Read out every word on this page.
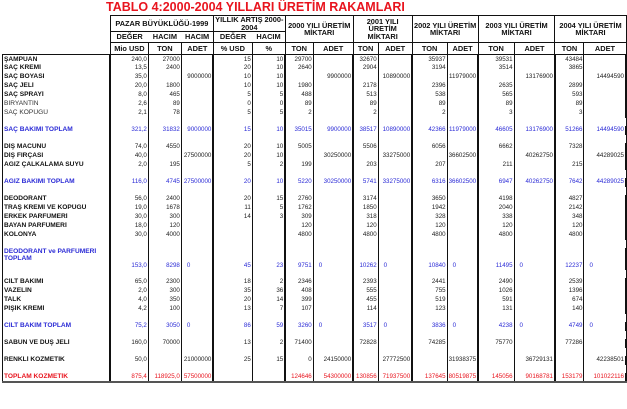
TABLO 4:2000-2004 YILLARI ÜRETİM RAKAMLARI
	PAZAR BÜYÜKLÜĞÜ-1999			YILLIK ARTIŞ 2000-2004		2000 YILI ÜRETİM MİKTARI		2001 YILI ÜRETİM MİKTARI		2002 YILI ÜRETİM MİKTARI		2003 YILI ÜRETİM MİKTARI		2004 YILI ÜRETİM MİKTARI	
	DEĞER	HACIM	HACIM	DEĞER	HACIM										
	Mio USD	TON	ADET	% USD	%	TON	ADET	TON	ADET	TON	ADET	TON	ADET	TON	ADET
ŞAMPUAN	240,0	27000		15	10	29700		32670		35937		39531		43484	
SAÇ KREMİ	13,5	2400		20	10	2640		2904		3194		3514		3865	
SAÇ BOYASI	35,0		9000000	10	10		9900000		10890000		11979000		13176900		14494590
SAÇ JELİ	20,0	1800		10	10	1980		2178		2396		2635		2899	
SAÇ SPRAYİ	8,0	465		5	5	488		513		538		565		593	
BİRYANTİN	2,6	89		0	0	89		89		89		89		89	
SAÇ KÖPÜĞÜ	2,1	78		5	5	2		2		2		3		3	

SAÇ BAKIMI TOPLAM	321,2	31832	9000000	15	10	35015	9900000	38517	10890000	42366	11979000	46605	13176900	51266	14494590

DİŞ MACUNU	74,0	4550		20	10	5005		5506		6056		6662		7328	
DİŞ FIRÇASI	40,0		27500000	20	10		30250000		33275000		36602500		40262750		44289025
AĞIZ ÇALKALAMA SUYU	2,0	195		5	2	199		203		207		211		215	

AĞIZ BAKIMI TOPLAM	116,0	4745	27500000	20	10	5220	30250000	5741	33275000	6316	36602500	6947	40262750	7642	44289025

DEODORANT	56,0	2400		20	15	2760		3174		3650		4198		4827	
TRAŞ KREMİ VE KÖPÜĞÜ	19,0	1678		11	5	1762		1850		1942		2040		2142	
ERKEK PARFÜMERİ	30,0	300		14	3	309		318		328		338		348	
BAYAN PARFÜMERİ	18,0	120				120		120		120		120		120	
KOLONYA	30,0	4000				4800		4800		4800		4800		4800	

DEODORANT ve PARFÜMERİ TOPLAM	153,0	8298	0	45	23	9751	0	10262	0	10840	0	11495	0	12237	0

CİLT BAKIMI	65,0	2300		18	2	2346		2393		2441		2490		2539	
VAZELİN	2,0	300		35	36	408		555		755		1026		1396	
TALK	4,0	350		20	14	399		455		519		591		674	
PİŞİK KREMİ	4,2	100		13	7	107		114		123		131		140	

CİLT BAKIM TOPLAM	75,2	3050	0	86	59	3260	0	3517	0	3836	0	4238	0	4749	0

SABUN VE DUŞ JELİ	160,0	70000		13	2	71400		72828		74285		75770		77286	

RENKLİ KOZMETİK	50,0		21000000	25	15	0	24150000		27772500		31938375		36729131		42238501

TOPLAM KOZMETİK	875,4	118925,0	57500000			124646	54300000	130856	71937500	137645	80519875	145056	90168781	153179	101022116
